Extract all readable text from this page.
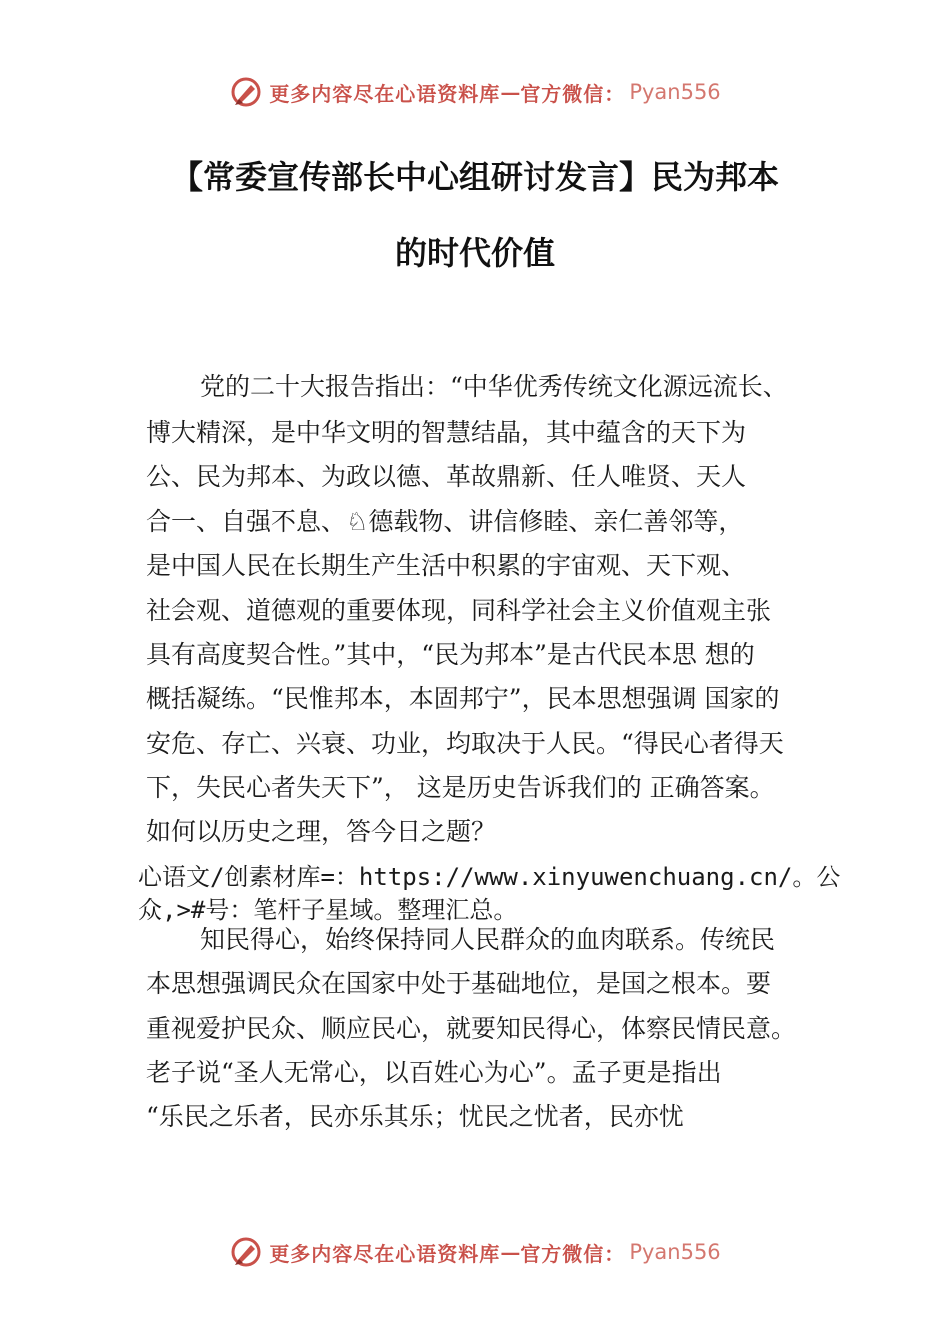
更多内容尽在心语资料库 — 官方微信： Pyan556
【常委宣传部长中心组研讨发言】民为邦本
的时代价值
党的二十大报告指出：“中华优秀传统文化源远流长、
博大精深，是中华文明的智慧结晶，其中蕴含的天下为
公、民为邦本、为政以德、革故鼎新、任人唯贤、天人
合一、自强不息、♘德载物、讲信修睦、亲仁善邻等，
是中国人民在长期生产生活中积累的宇宙观、天下观、
社会观、道德观的重要体现，同科学社会主义价值观主张
具有高度契合性。”其中，“民为邦本”是古代民本思 想的
概括凝练。“民惟邦本，本固邦宁”，民本思想强调 国家的
安危、存亡、兴衰、功业，均取决于人民。“得民心者得天
下，失民心者失天下”， 这是历史告诉我们的 正确答案。
如何以历史之理，答今日之题？
心语文/创素材库=：https://www.xinyuwenchuang.cn/。公
众,>#号：笔杆子星域。整理汇总。
知民得心，始终保持同人民群众的血肉联系。传统民
本思想强调民众在国家中处于基础地位，是国之根本。要
重视爱护民众、顺应民心，就要知民得心，体察民情民意。
老子说“圣人无常心，以百姓心为心”。孟子更是指出
“乐民之乐者，民亦乐其乐；忧民之忧者，民亦忧
更多内容尽在心语资料库 — 官方微信： Pyan556
